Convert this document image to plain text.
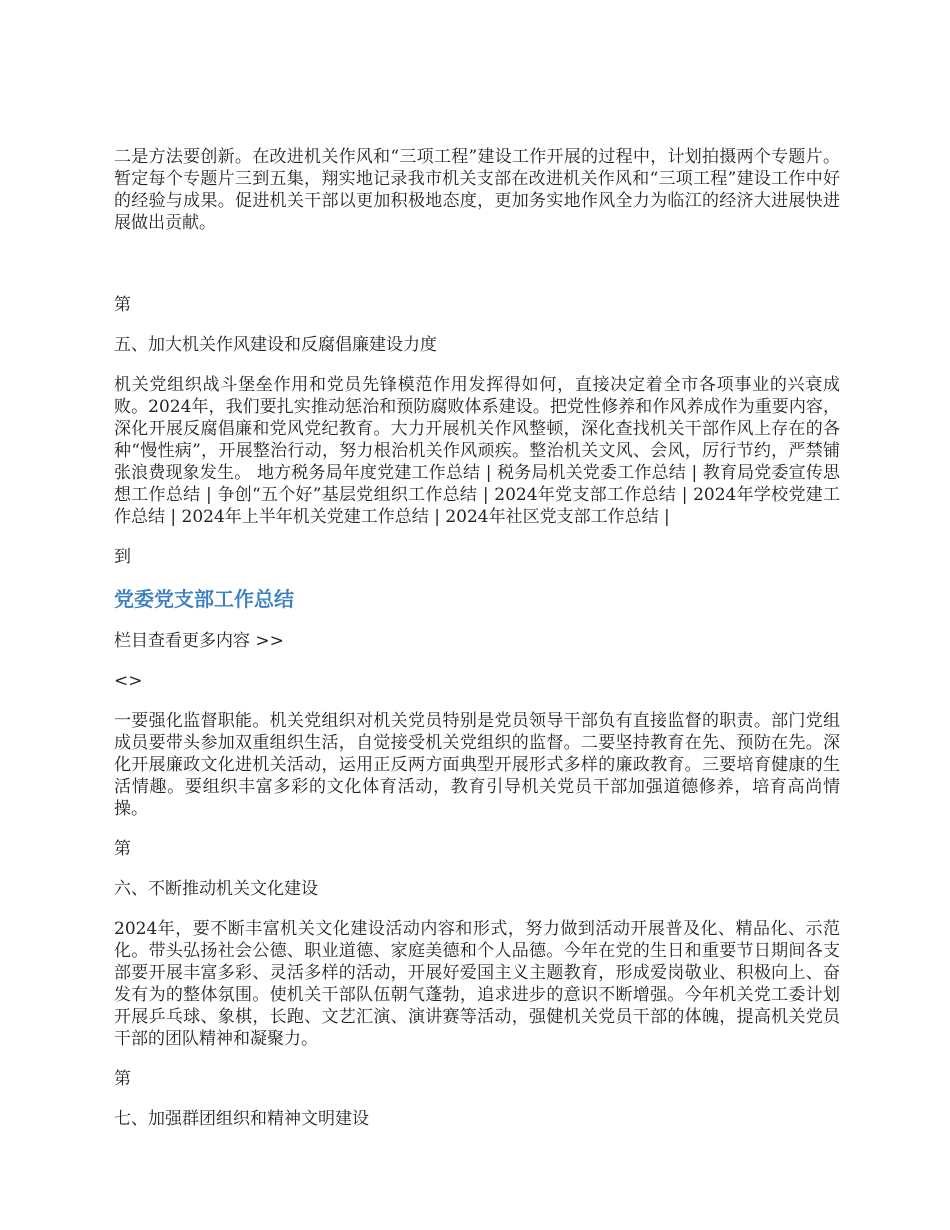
二是方法要创新。在改进机关作风和“三项工程”建设工作开展的过程中，计划拍摄两个专题片。暂定每个专题片三到五集，翔实地记录我市机关支部在改进机关作风和“三项工程”建设工作中好的经验与成果。促进机关干部以更加积极地态度，更加务实地作风全力为临江的经济大进展快进展做出贡献。

第

五、加大机关作风建设和反腐倡廉建设力度

机关党组织战斗堡垒作用和党员先锋模范作用发挥得如何，直接决定着全市各项事业的兴衰成败。2024年，我们要扎实推动惩治和预防腐败体系建设。把党性修养和作风养成作为重要内容，深化开展反腐倡廉和党风党纪教育。大力开展机关作风整顿，深化查找机关干部作风上存在的各种“慢性病”，开展整治行动，努力根治机关作风顽疾。整治机关文风、会风，厉行节约，严禁铺张浪费现象发生。 地方税务局年度党建工作总结 | 税务局机关党委工作总结 | 教育局党委宣传思想工作总结 | 争创“五个好”基层党组织工作总结 | 2024年党支部工作总结 | 2024年学校党建工作总结 | 2024年上半年机关党建工作总结 | 2024年社区党支部工作总结 |

到

党委党支部工作总结

栏目查看更多内容 >>

<>

一要强化监督职能。机关党组织对机关党员特别是党员领导干部负有直接监督的职责。部门党组成员要带头参加双重组织生活，自觉接受机关党组织的监督。二要坚持教育在先、预防在先。深化开展廉政文化进机关活动，运用正反两方面典型开展形式多样的廉政教育。三要培育健康的生活情趣。要组织丰富多彩的文化体育活动，教育引导机关党员干部加强道德修养，培育高尚情操。

第

六、不断推动机关文化建设

2024年，要不断丰富机关文化建设活动内容和形式，努力做到活动开展普及化、精品化、示范化。带头弘扬社会公德、职业道德、家庭美德和个人品德。今年在党的生日和重要节日期间各支部要开展丰富多彩、灵活多样的活动，开展好爱国主义主题教育，形成爱岗敬业、积极向上、奋发有为的整体氛围。使机关干部队伍朝气蓬勃，追求进步的意识不断增强。今年机关党工委计划开展乒乓球、象棋，长跑、文艺汇演、演讲赛等活动，强健机关党员干部的体魄，提高机关党员干部的团队精神和凝聚力。

第

七、加强群团组织和精神文明建设
